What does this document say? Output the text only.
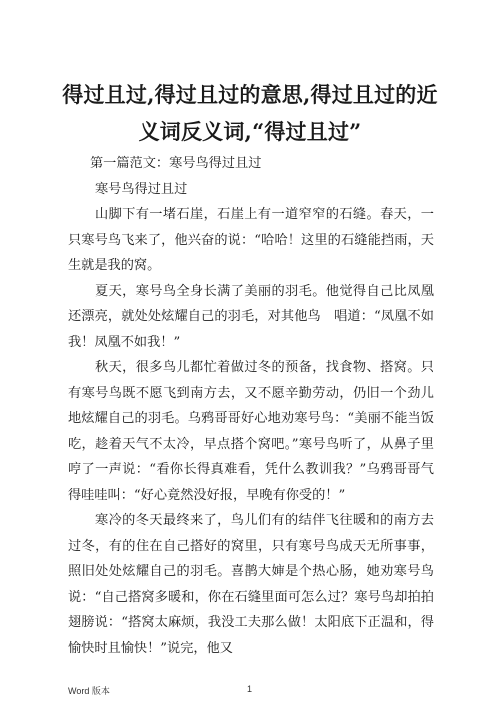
得过且过,得过且过的意思,得过且过的近义词反义词,“得过且过”

第一篇范文：寒号鸟得过且过

寒号鸟得过且过

山脚下有一堵石崖，石崖上有一道窄窄的石缝。春天，一只寒号鸟飞来了，他兴奋的说：“哈哈！这里的石缝能挡雨，天生就是我的窝。

夏天，寒号鸟全身长满了美丽的羽毛。他觉得自己比凤凰还漂亮，就处处炫耀自己的羽毛，对其他鸟　唱道：“凤凰不如我！凤凰不如我！”

秋天，很多鸟儿都忙着做过冬的预备，找食物、搭窝。只有寒号鸟既不愿飞到南方去，又不愿辛勤劳动，仍旧一个劲儿地炫耀自己的羽毛。乌鸦哥哥好心地劝寒号鸟：“美丽不能当饭吃，趁着天气不太冷，早点搭个窝吧。”寒号鸟听了，从鼻子里哼了一声说：“看你长得真难看，凭什么教训我？”乌鸦哥哥气得哇哇叫：“好心竟然没好报，早晚有你受的！”

寒冷的冬天最终来了，鸟儿们有的结伴飞往暖和的南方去过冬，有的住在自己搭好的窝里，只有寒号鸟成天无所事事，照旧处处炫耀自己的羽毛。喜鹊大婶是个热心肠，她劝寒号鸟说：“自己搭窝多暖和，你在石缝里面可怎么过？寒号鸟却拍拍翅膀说：“搭窝太麻烦，我没工夫那么做！太阳底下正温和，得愉快时且愉快！”说完，他又

Word 版本	1
